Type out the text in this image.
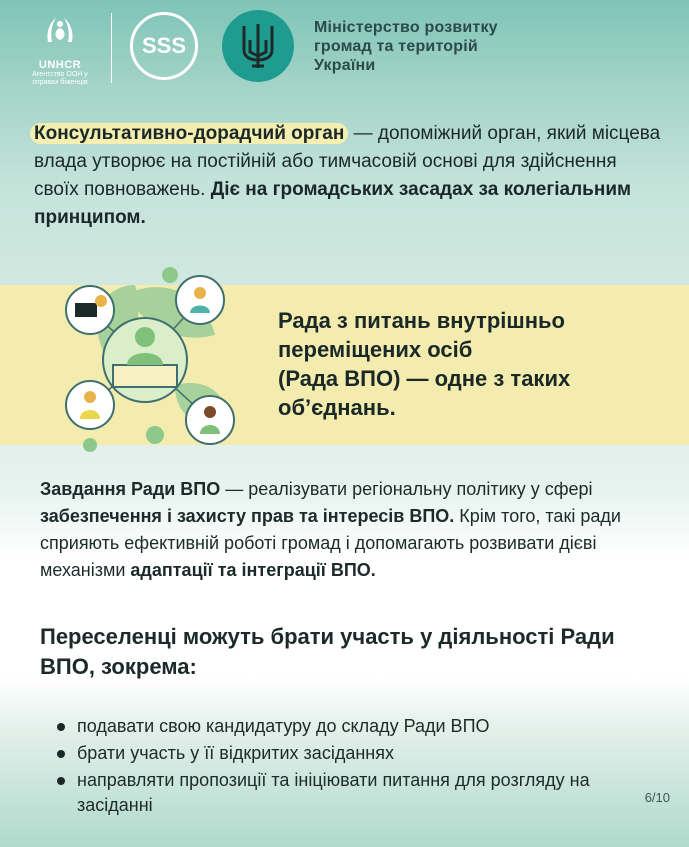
UNHCR
Агентство ООН у
справах біженців
SSS
Міністерство розвитку
громад та територій
України
Консультативно-дорадчий орган — допоміжний орган, який місцева влада утворює на постійній або тимчасовій основі для здійснення своїх повноважень. Діє на громадських засадах за колегіальним принципом.
Рада з питань внутрішньо
переміщених осіб
(Рада ВПО) — одне з таких
об’єднань.
Завдання Ради ВПО — реалізувати регіональну політику у сфері забезпечення і захисту прав та інтересів ВПО. Крім того, такі ради сприяють ефективній роботі громад і допомагають розвивати дієві механізми адаптації та інтеграції ВПО.
Переселенці можуть брати участь у діяльності Ради ВПО, зокрема:
подавати свою кандидатуру до складу Ради ВПО
брати участь у її відкритих засіданнях
направляти пропозиції та ініціювати питання для розгляду на засіданні	6/10
